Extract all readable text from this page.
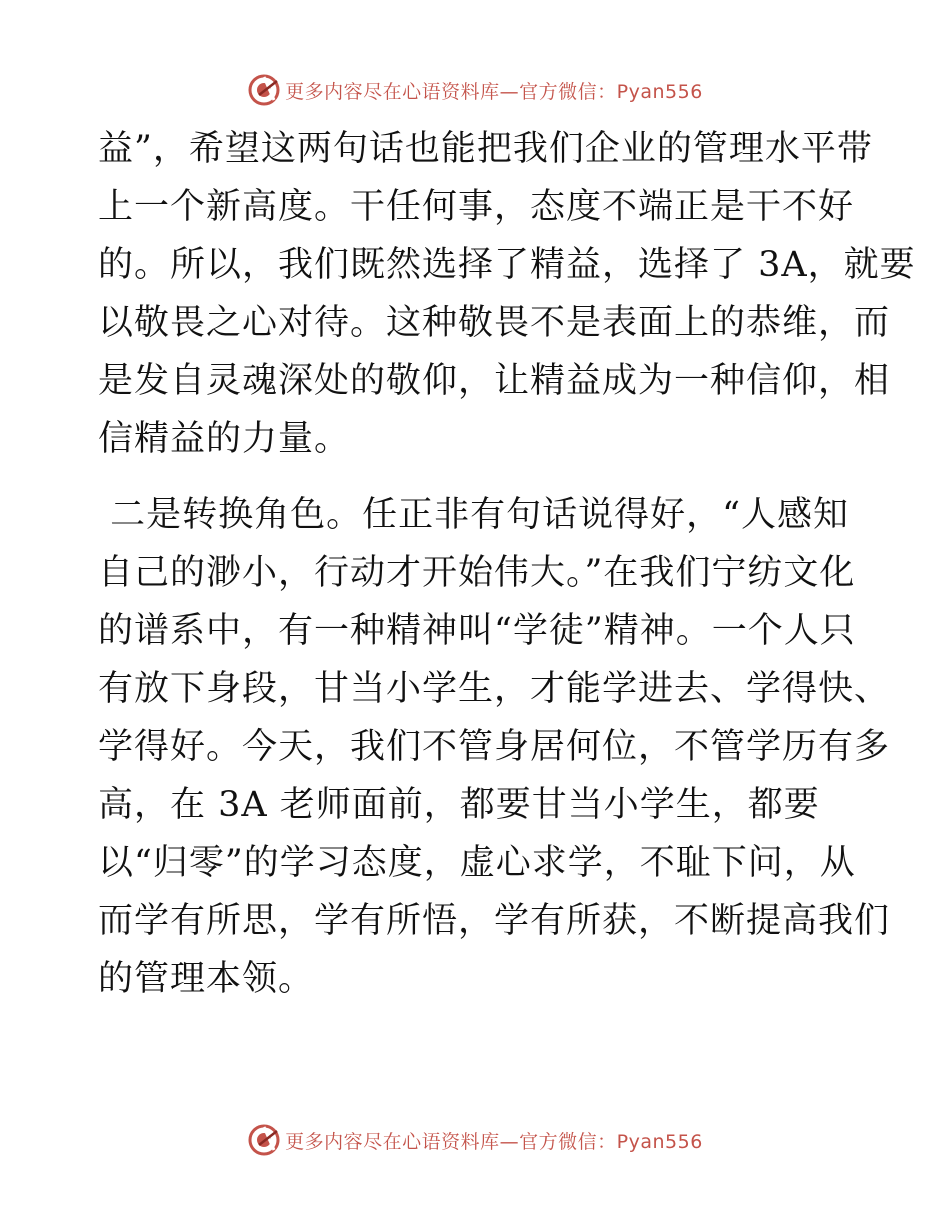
更多内容尽在心语资料库—官方微信：Pyan556
益”，希望这两句话也能把我们企业的管理水平带
上一个新高度。干任何事，态度不端正是干不好
的。所以，我们既然选择了精益，选择了 3A，就要
以敬畏之心对待。这种敬畏不是表面上的恭维，而
是发自灵魂深处的敬仰，让精益成为一种信仰，相
信精益的力量。
二是转换角色。任正非有句话说得好，“人感知
自己的渺小，行动才开始伟大。”在我们宁纺文化
的谱系中，有一种精神叫“学徒”精神。一个人只
有放下身段，甘当小学生，才能学进去、学得快、
学得好。今天，我们不管身居何位，不管学历有多
高，在 3A 老师面前，都要甘当小学生，都要
以“归零”的学习态度，虚心求学，不耻下问，从
而学有所思，学有所悟，学有所获，不断提高我们
的管理本领。
更多内容尽在心语资料库—官方微信：Pyan556
